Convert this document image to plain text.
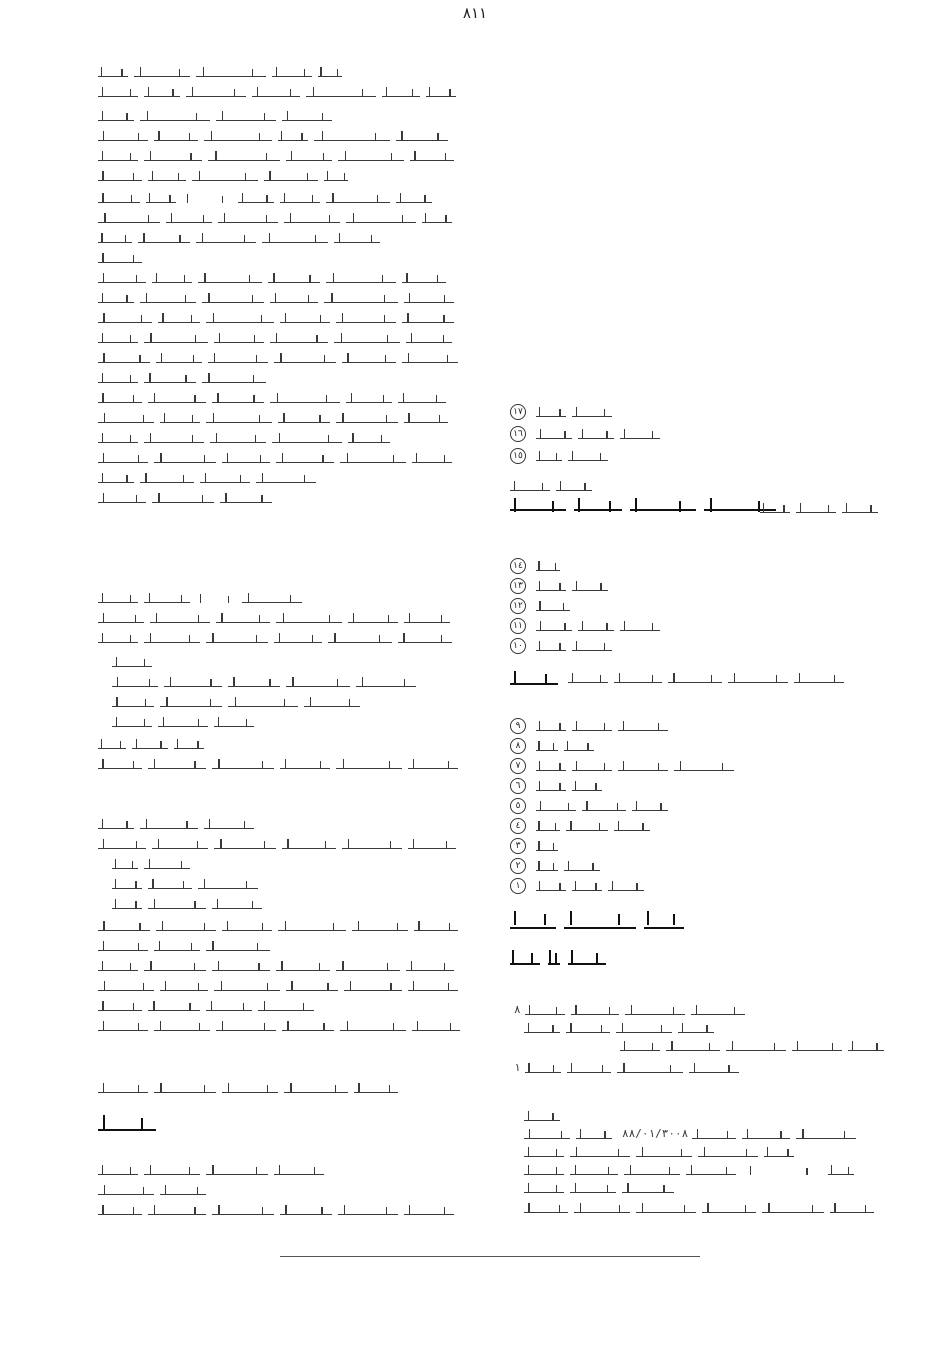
٨١١
١٧
١٦
١٥
١٤
١٣
١٢
١١
١٠
٩
٨
٧
٦
٥
٤
٣
٢
١
٨
١
٨٨/٠١/٣٠٠٨
